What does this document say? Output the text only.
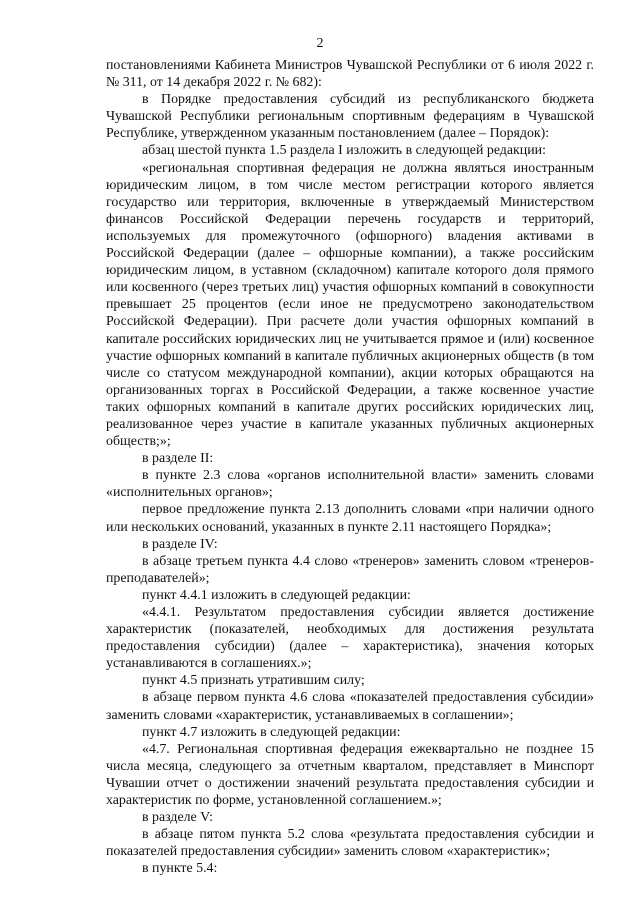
2

постановлениями Кабинета Министров Чувашской Республики от 6 июля 2022 г. № 311, от 14 декабря 2022 г. № 682):

в Порядке предоставления субсидий из республиканского бюджета Чувашской Республики региональным спортивным федерациям в Чувашской Республике, утвержденном указанным постановлением (далее – Порядок):

абзац шестой пункта 1.5 раздела I изложить в следующей редакции:

«региональная спортивная федерация не должна являться иностранным юридическим лицом, в том числе местом регистрации которого является государство или территория, включенные в утверждаемый Министерством финансов Российской Федерации перечень государств и территорий, используемых для промежуточного (офшорного) владения активами в Российской Федерации (далее – офшорные компании), а также российским юридическим лицом, в уставном (складочном) капитале которого доля прямого или косвенного (через третьих лиц) участия офшорных компаний в совокупности превышает 25 процентов (если иное не предусмотрено законодательством Российской Федерации). При расчете доли участия офшорных компаний в капитале российских юридических лиц не учитывается прямое и (или) косвенное участие офшорных компаний в капитале публичных акционерных обществ (в том числе со статусом международной компании), акции которых обращаются на организованных торгах в Российской Федерации, а также косвенное участие таких офшорных компаний в капитале других российских юридических лиц, реализованное через участие в капитале указанных публичных акционерных обществ;»;

в разделе II:

в пункте 2.3 слова «органов исполнительной власти» заменить словами «исполнительных органов»;

первое предложение пункта 2.13 дополнить словами «при наличии одного или нескольких оснований, указанных в пункте 2.11 настоящего Порядка»;

в разделе IV:

в абзаце третьем пункта 4.4 слово «тренеров» заменить словом «тренеров-преподавателей»;

пункт 4.4.1 изложить в следующей редакции:

«4.4.1. Результатом предоставления субсидии является достижение характеристик (показателей, необходимых для достижения результата предоставления субсидии) (далее – характеристика), значения которых устанавливаются в соглашениях.»;

пункт 4.5 признать утратившим силу;

в абзаце первом пункта 4.6 слова «показателей предоставления субсидии» заменить словами «характеристик, устанавливаемых в соглашении»;

пункт 4.7 изложить в следующей редакции:

«4.7. Региональная спортивная федерация ежеквартально не позднее 15 числа месяца, следующего за отчетным кварталом, представляет в Минспорт Чувашии отчет о достижении значений результата предоставления субсидии и характеристик по форме, установленной соглашением.»;

в разделе V:

в абзаце пятом пункта 5.2 слова «результата предоставления субсидии и показателей предоставления субсидии» заменить словом «характеристик»;

в пункте 5.4:
